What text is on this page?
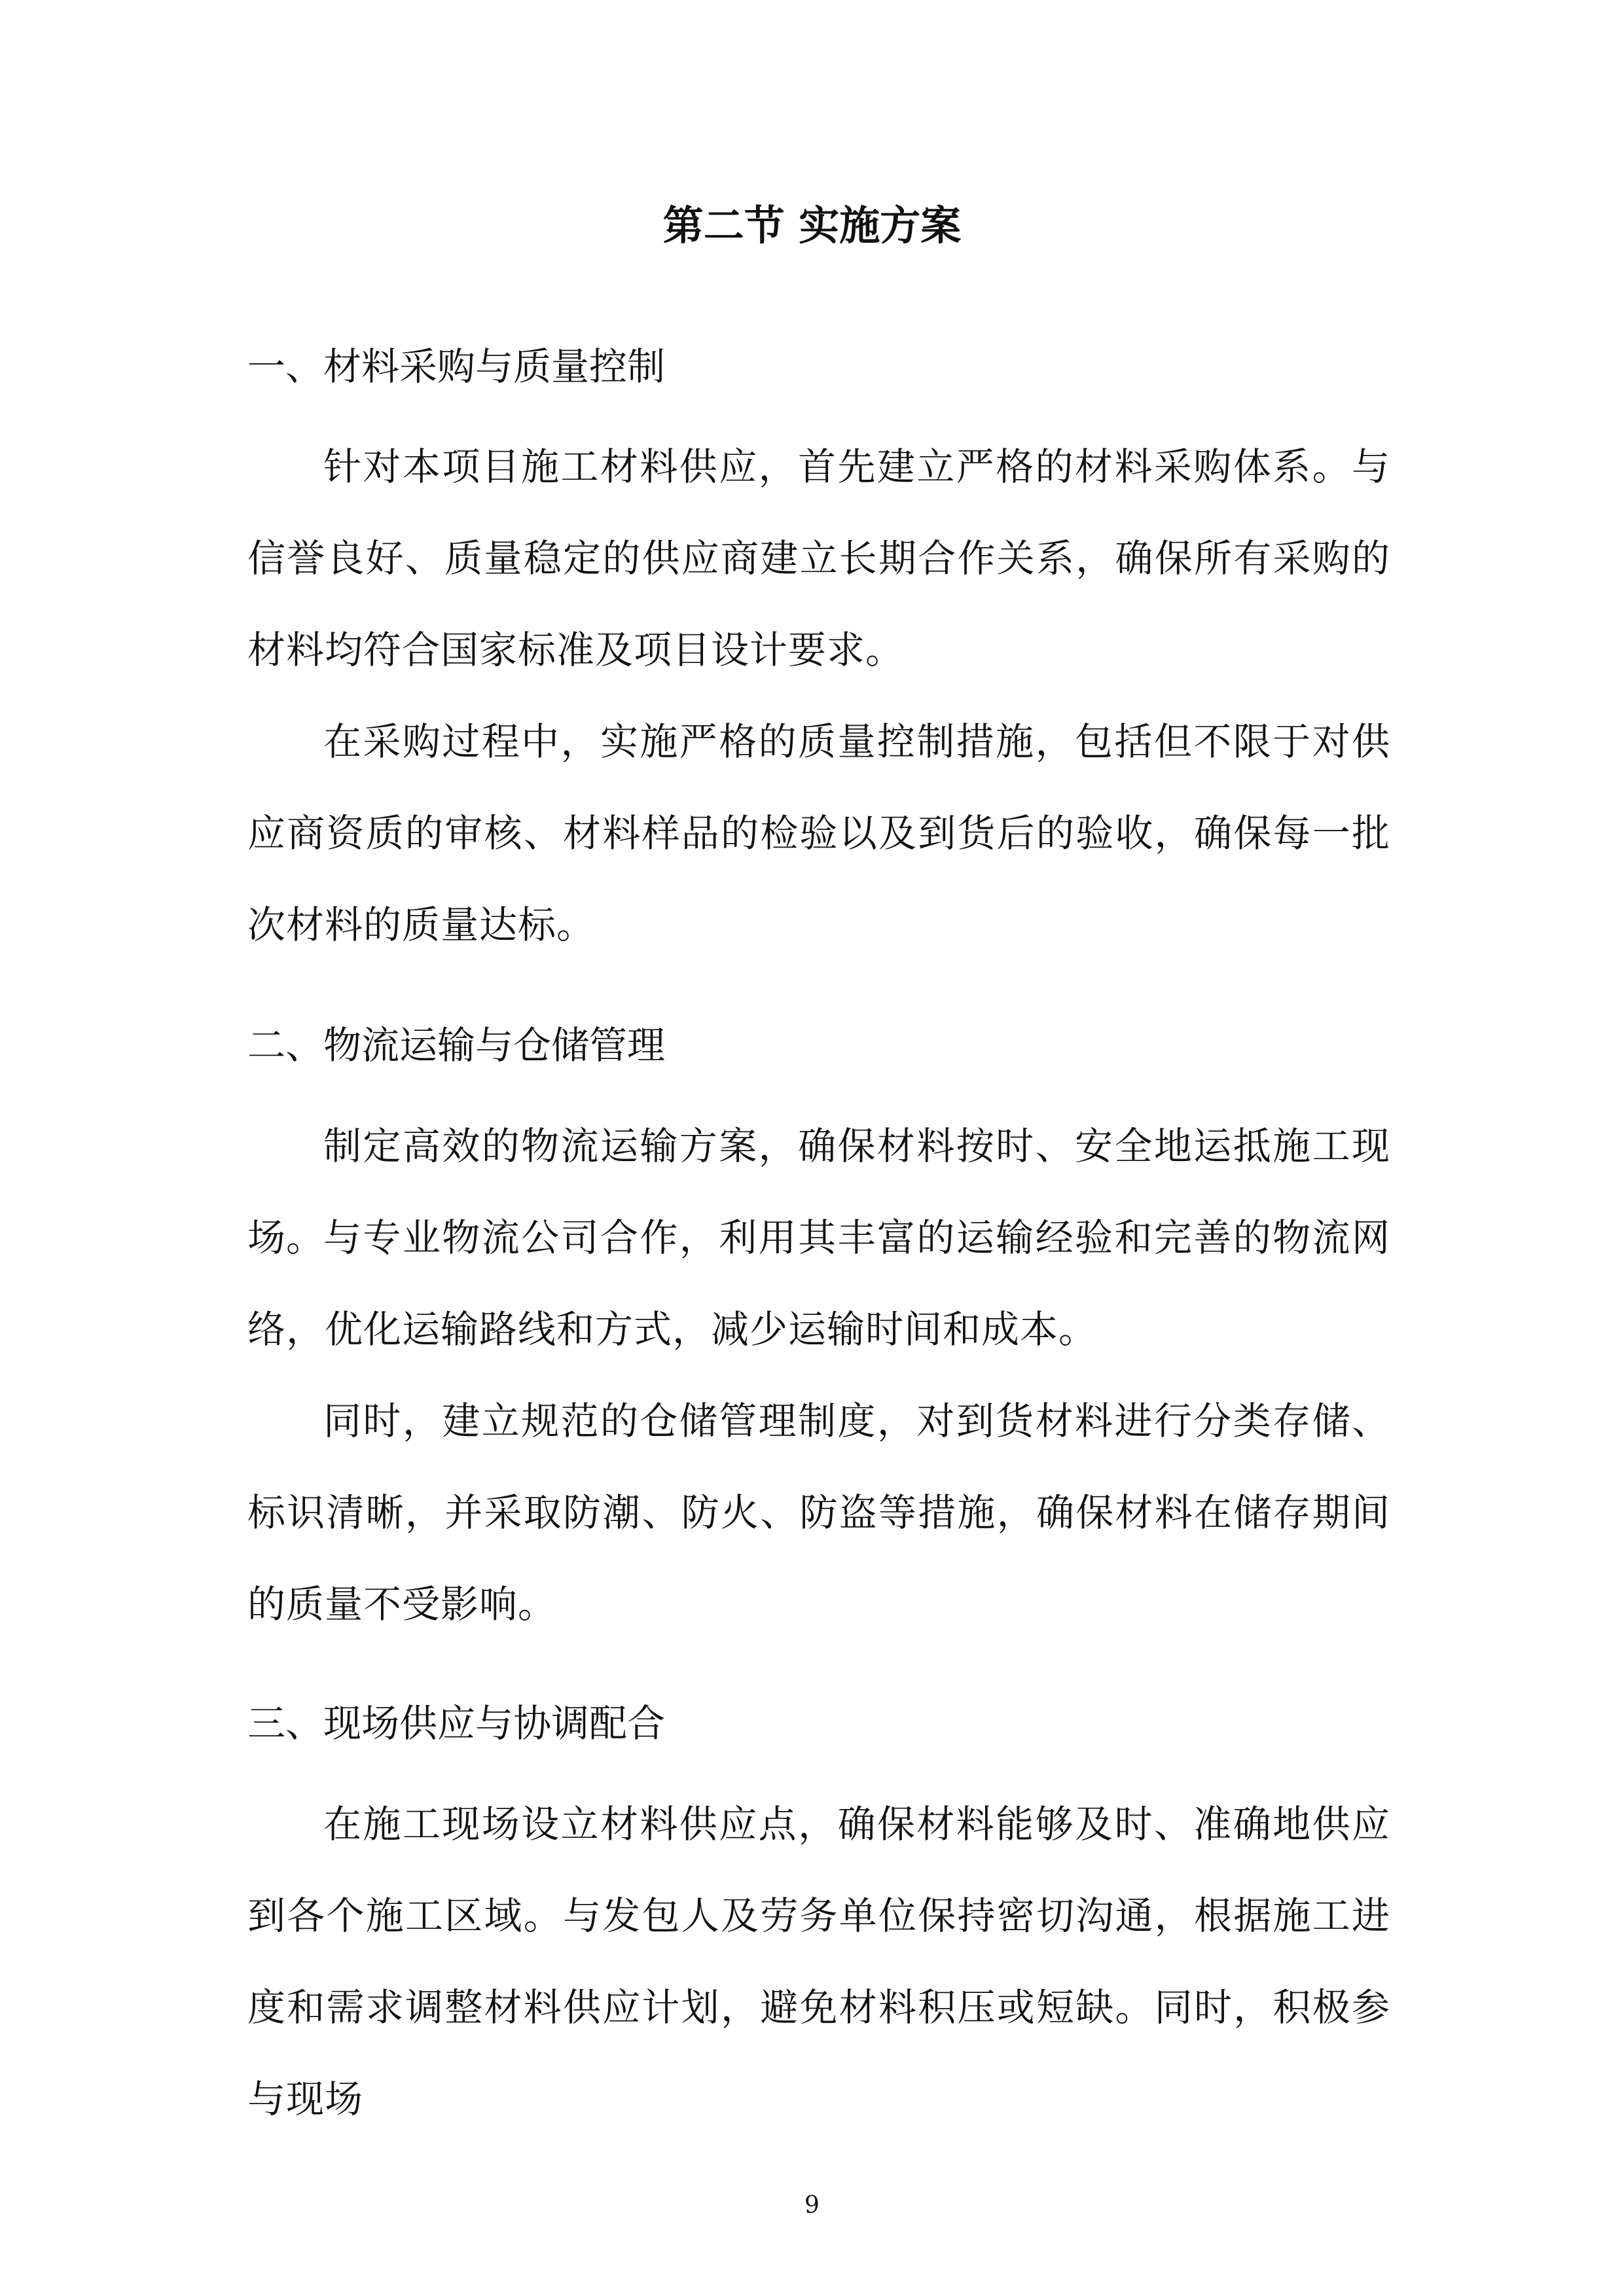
第二节 实施方案
一、材料采购与质量控制

针对本项目施工材料供应，首先建立严格的材料采购体系。与信誉良好、质量稳定的供应商建立长期合作关系，确保所有采购的材料均符合国家标准及项目设计要求。

在采购过程中，实施严格的质量控制措施，包括但不限于对供应商资质的审核、材料样品的检验以及到货后的验收，确保每一批次材料的质量达标。

二、物流运输与仓储管理

制定高效的物流运输方案，确保材料按时、安全地运抵施工现场。

与专业物流公司合作，利用其丰富的运输经验和完善的物流网络，优化运输路线和方式，减少运输时间和成本。

同时，建立规范的仓储管理制度，对到货材料进行分类存储、标识清晰，并采取防潮、防火、防盗等措施，确保材料在储存期间的质量不受影响。

三、现场供应与协调配合

在施工现场设立材料供应点，确保材料能够及时、准确地供应到各个施工区域。与发包人及劳务单位保持密切沟通，根据施工进度和需求调整材料供应计划，避免材料积压或短缺。同时，积极参与现场

9
